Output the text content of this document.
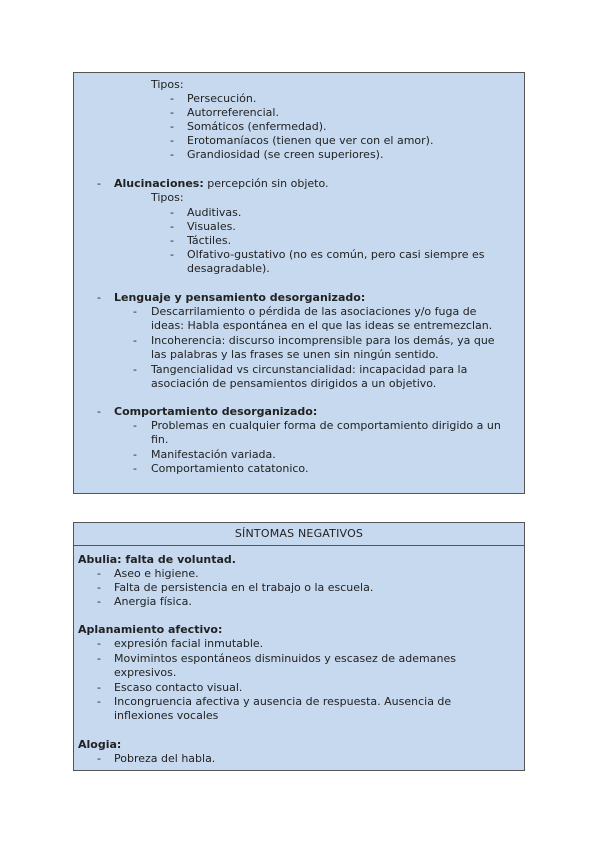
Tipos:
- Persecución.
- Autorreferencial.
- Somáticos (enfermedad).
- Erotomaníacos (tienen que ver con el amor).
- Grandiosidad (se creen superiores).
- Alucinaciones: percepción sin objeto.
Tipos:
- Auditivas.
- Visuales.
- Táctiles.
- Olfativo-gustativo (no es común, pero casi siempre es
desagradable).
- Lenguaje y pensamiento desorganizado:
- Descarrilamiento o pérdida de las asociaciones y/o fuga de
ideas: Habla espontánea en el que las ideas se entremezclan.
- Incoherencia: discurso incomprensible para los demás, ya que
las palabras y las frases se unen sin ningún sentido.
- Tangencialidad vs circunstancialidad: incapacidad para la
asociación de pensamientos dirigidos a un objetivo.
- Comportamiento desorganizado:
- Problemas en cualquier forma de comportamiento dirigido a un
fin.
- Manifestación variada.
- Comportamiento catatonico.
SÍNTOMAS NEGATIVOS
Abulia: falta de voluntad.
- Aseo e higiene.
- Falta de persistencia en el trabajo o la escuela.
- Anergia física.
Aplanamiento afectivo:
- expresión facial inmutable.
- Movimintos espontáneos disminuidos y escasez de ademanes
expresivos.
- Escaso contacto visual.
- Incongruencia afectiva y ausencia de respuesta. Ausencia de
inflexiones vocales
Alogia:
- Pobreza del habla.
